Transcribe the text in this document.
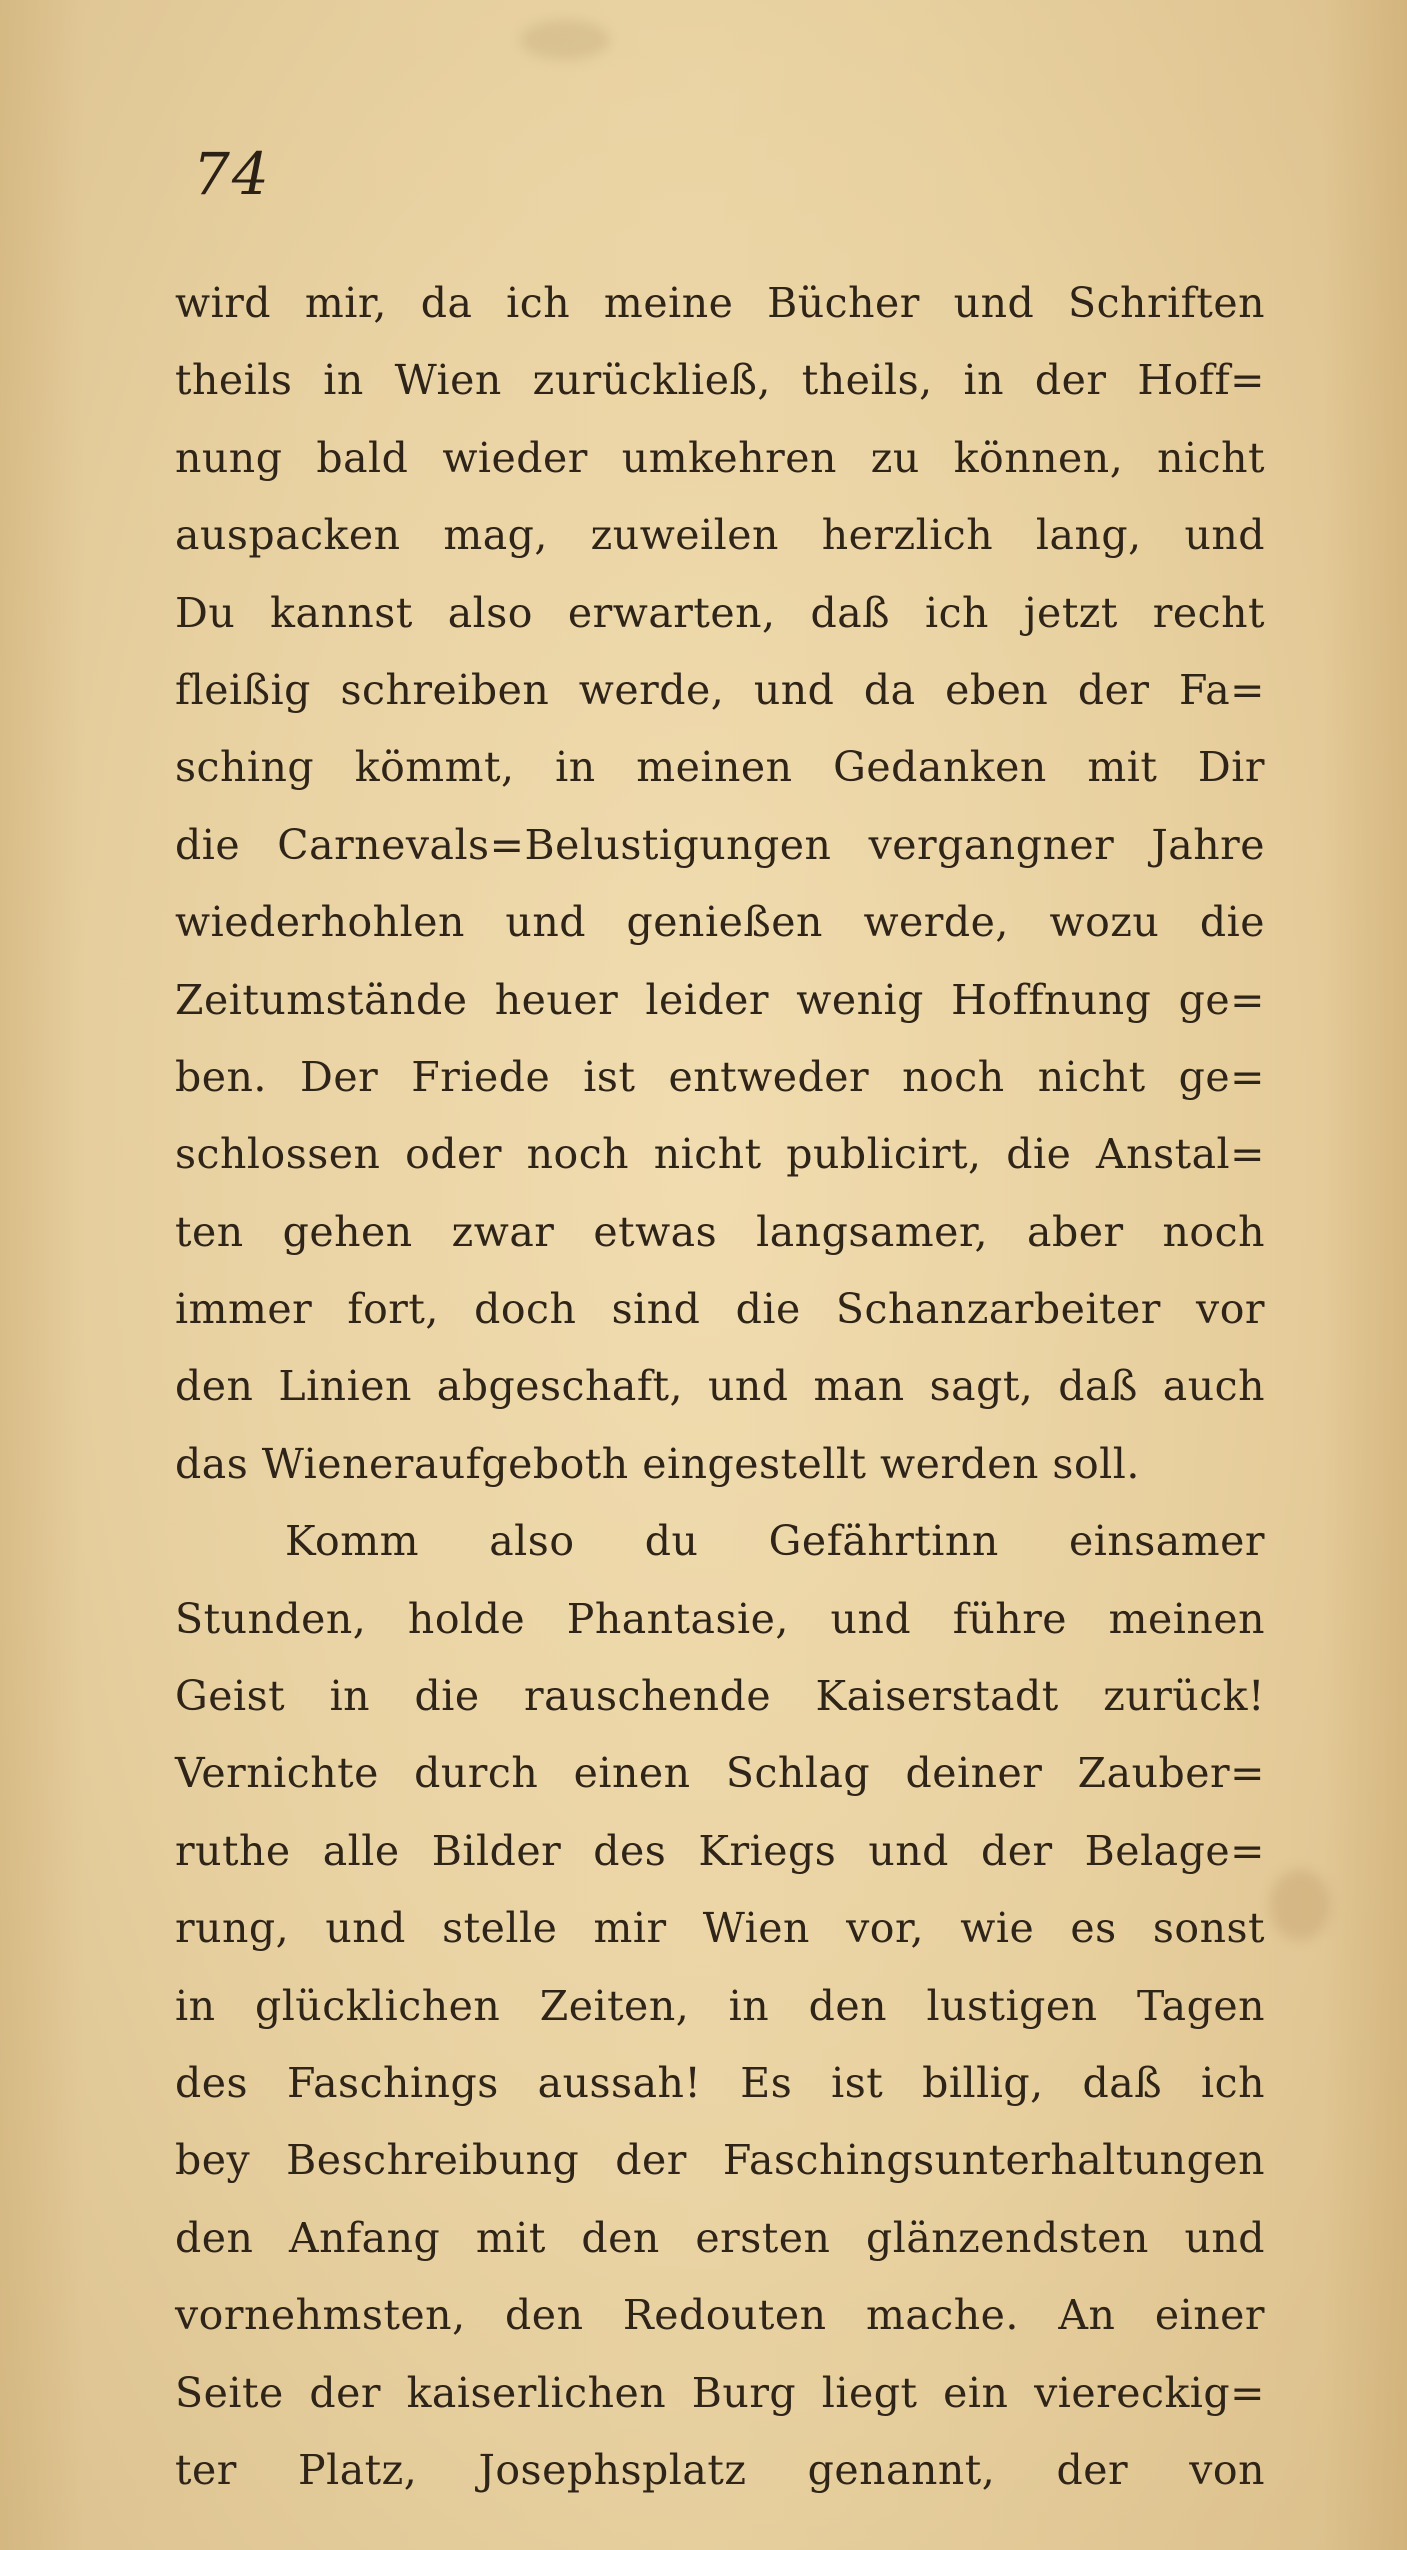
74
wird mir, da ich meine Bücher und Schriften
theils in Wien zurückließ, theils, in der Hoff=
nung bald wieder umkehren zu können, nicht
auspacken mag, zuweilen herzlich lang, und
Du kannst also erwarten, daß ich jetzt recht
fleißig schreiben werde, und da eben der Fa=
sching kömmt, in meinen Gedanken mit Dir
die Carnevals=Belustigungen vergangner Jahre
wiederhohlen und genießen werde, wozu die
Zeitumstände heuer leider wenig Hoffnung ge=
ben. Der Friede ist entweder noch nicht ge=
schlossen oder noch nicht publicirt, die Anstal=
ten gehen zwar etwas langsamer, aber noch
immer fort, doch sind die Schanzarbeiter vor
den Linien abgeschaft, und man sagt, daß auch
das Wieneraufgeboth eingestellt werden soll.
Komm also du Gefährtinn einsamer
Stunden, holde Phantasie, und führe meinen
Geist in die rauschende Kaiserstadt zurück!
Vernichte durch einen Schlag deiner Zauber=
ruthe alle Bilder des Kriegs und der Belage=
rung, und stelle mir Wien vor, wie es sonst
in glücklichen Zeiten, in den lustigen Tagen
des Faschings aussah! Es ist billig, daß ich
bey Beschreibung der Faschingsunterhaltungen
den Anfang mit den ersten glänzendsten und
vornehmsten, den Redouten mache. An einer
Seite der kaiserlichen Burg liegt ein viereckig=
ter Platz, Josephsplatz genannt, der von
